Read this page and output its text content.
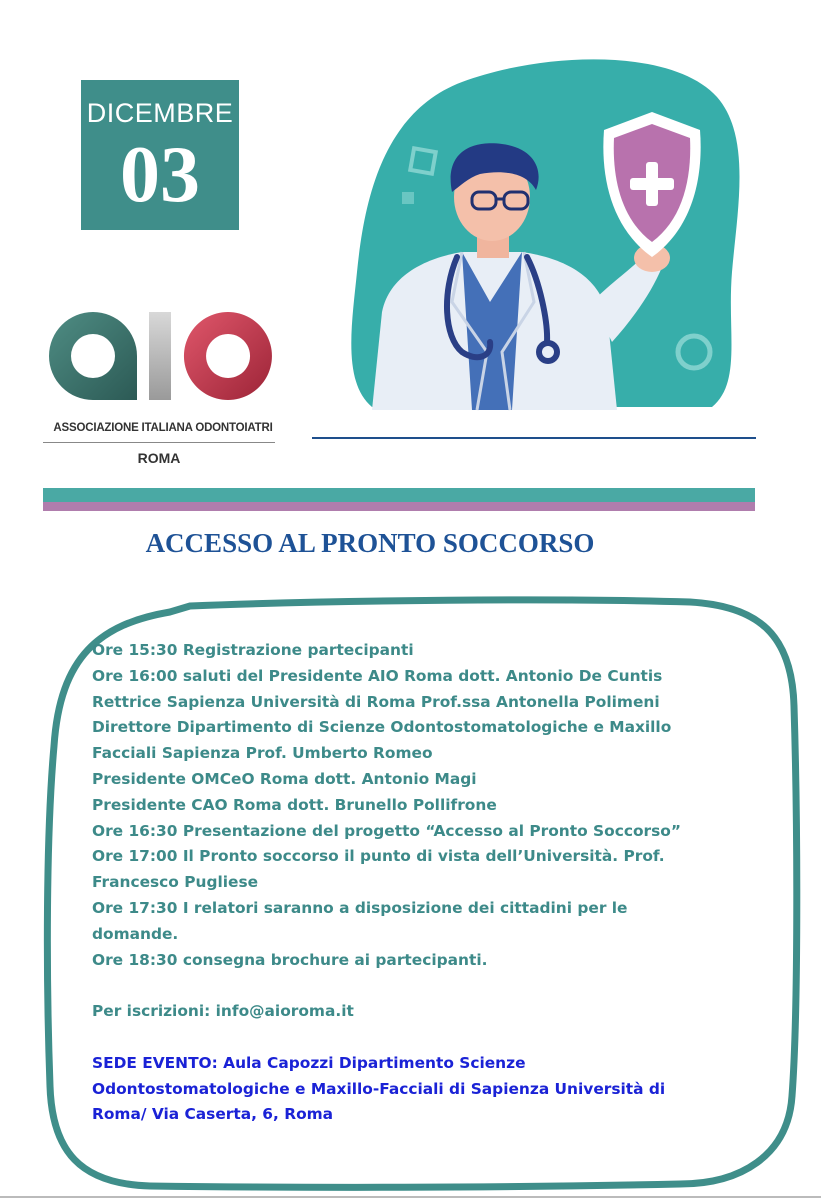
DICEMBRE
03
ASSOCIAZIONE ITALIANA ODONTOIATRI
ROMA
ACCESSO AL PRONTO SOCCORSO
Ore 15:30 Registrazione partecipanti
Ore 16:00 saluti del Presidente AIO Roma dott. Antonio De Cuntis
Rettrice Sapienza Università di Roma Prof.ssa Antonella Polimeni
Direttore Dipartimento di Scienze Odontostomatologiche e Maxillo
Facciali Sapienza Prof. Umberto Romeo
Presidente OMCeO Roma dott. Antonio Magi
Presidente CAO Roma dott. Brunello Pollifrone
Ore 16:30 Presentazione del progetto “Accesso al Pronto Soccorso”
Ore 17:00 Il Pronto soccorso il punto di vista dell’Università. Prof.
Francesco Pugliese
Ore 17:30 I relatori saranno a disposizione dei cittadini per le
domande.
Ore 18:30 consegna brochure ai partecipanti.
Per iscrizioni: info@aioroma.it
SEDE EVENTO: Aula Capozzi Dipartimento Scienze
Odontostomatologiche e Maxillo-Facciali di Sapienza Università di
Roma/ Via Caserta, 6, Roma
